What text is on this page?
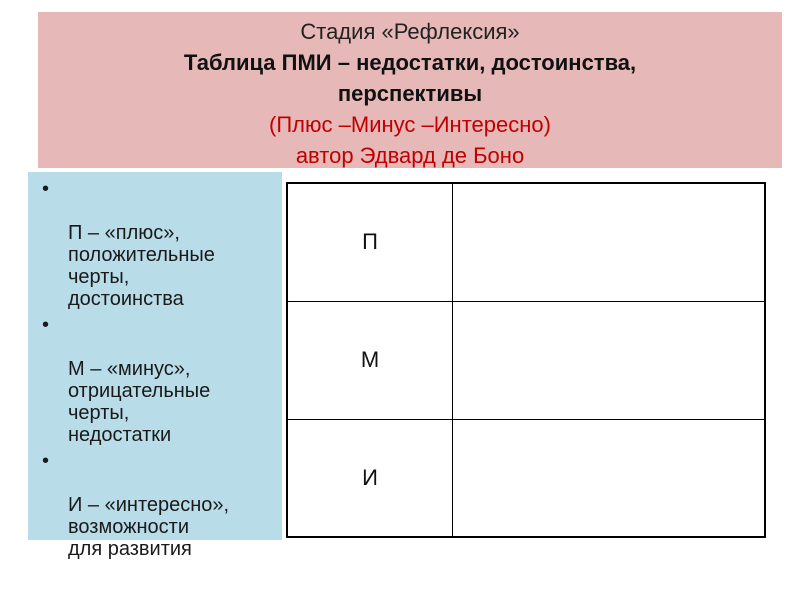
Стадия «Рефлексия»
Таблица ПМИ – недостатки, достоинства,
перспективы
(Плюс –Минус –Интересно)
автор Эдвард де Боно

•

П – «плюс»,
положительные
черты,
достоинства

•

М – «минус»,
отрицательные
черты,
недостатки

•

И – «интересно»,
возможности
для развития

П	
М	
И	
